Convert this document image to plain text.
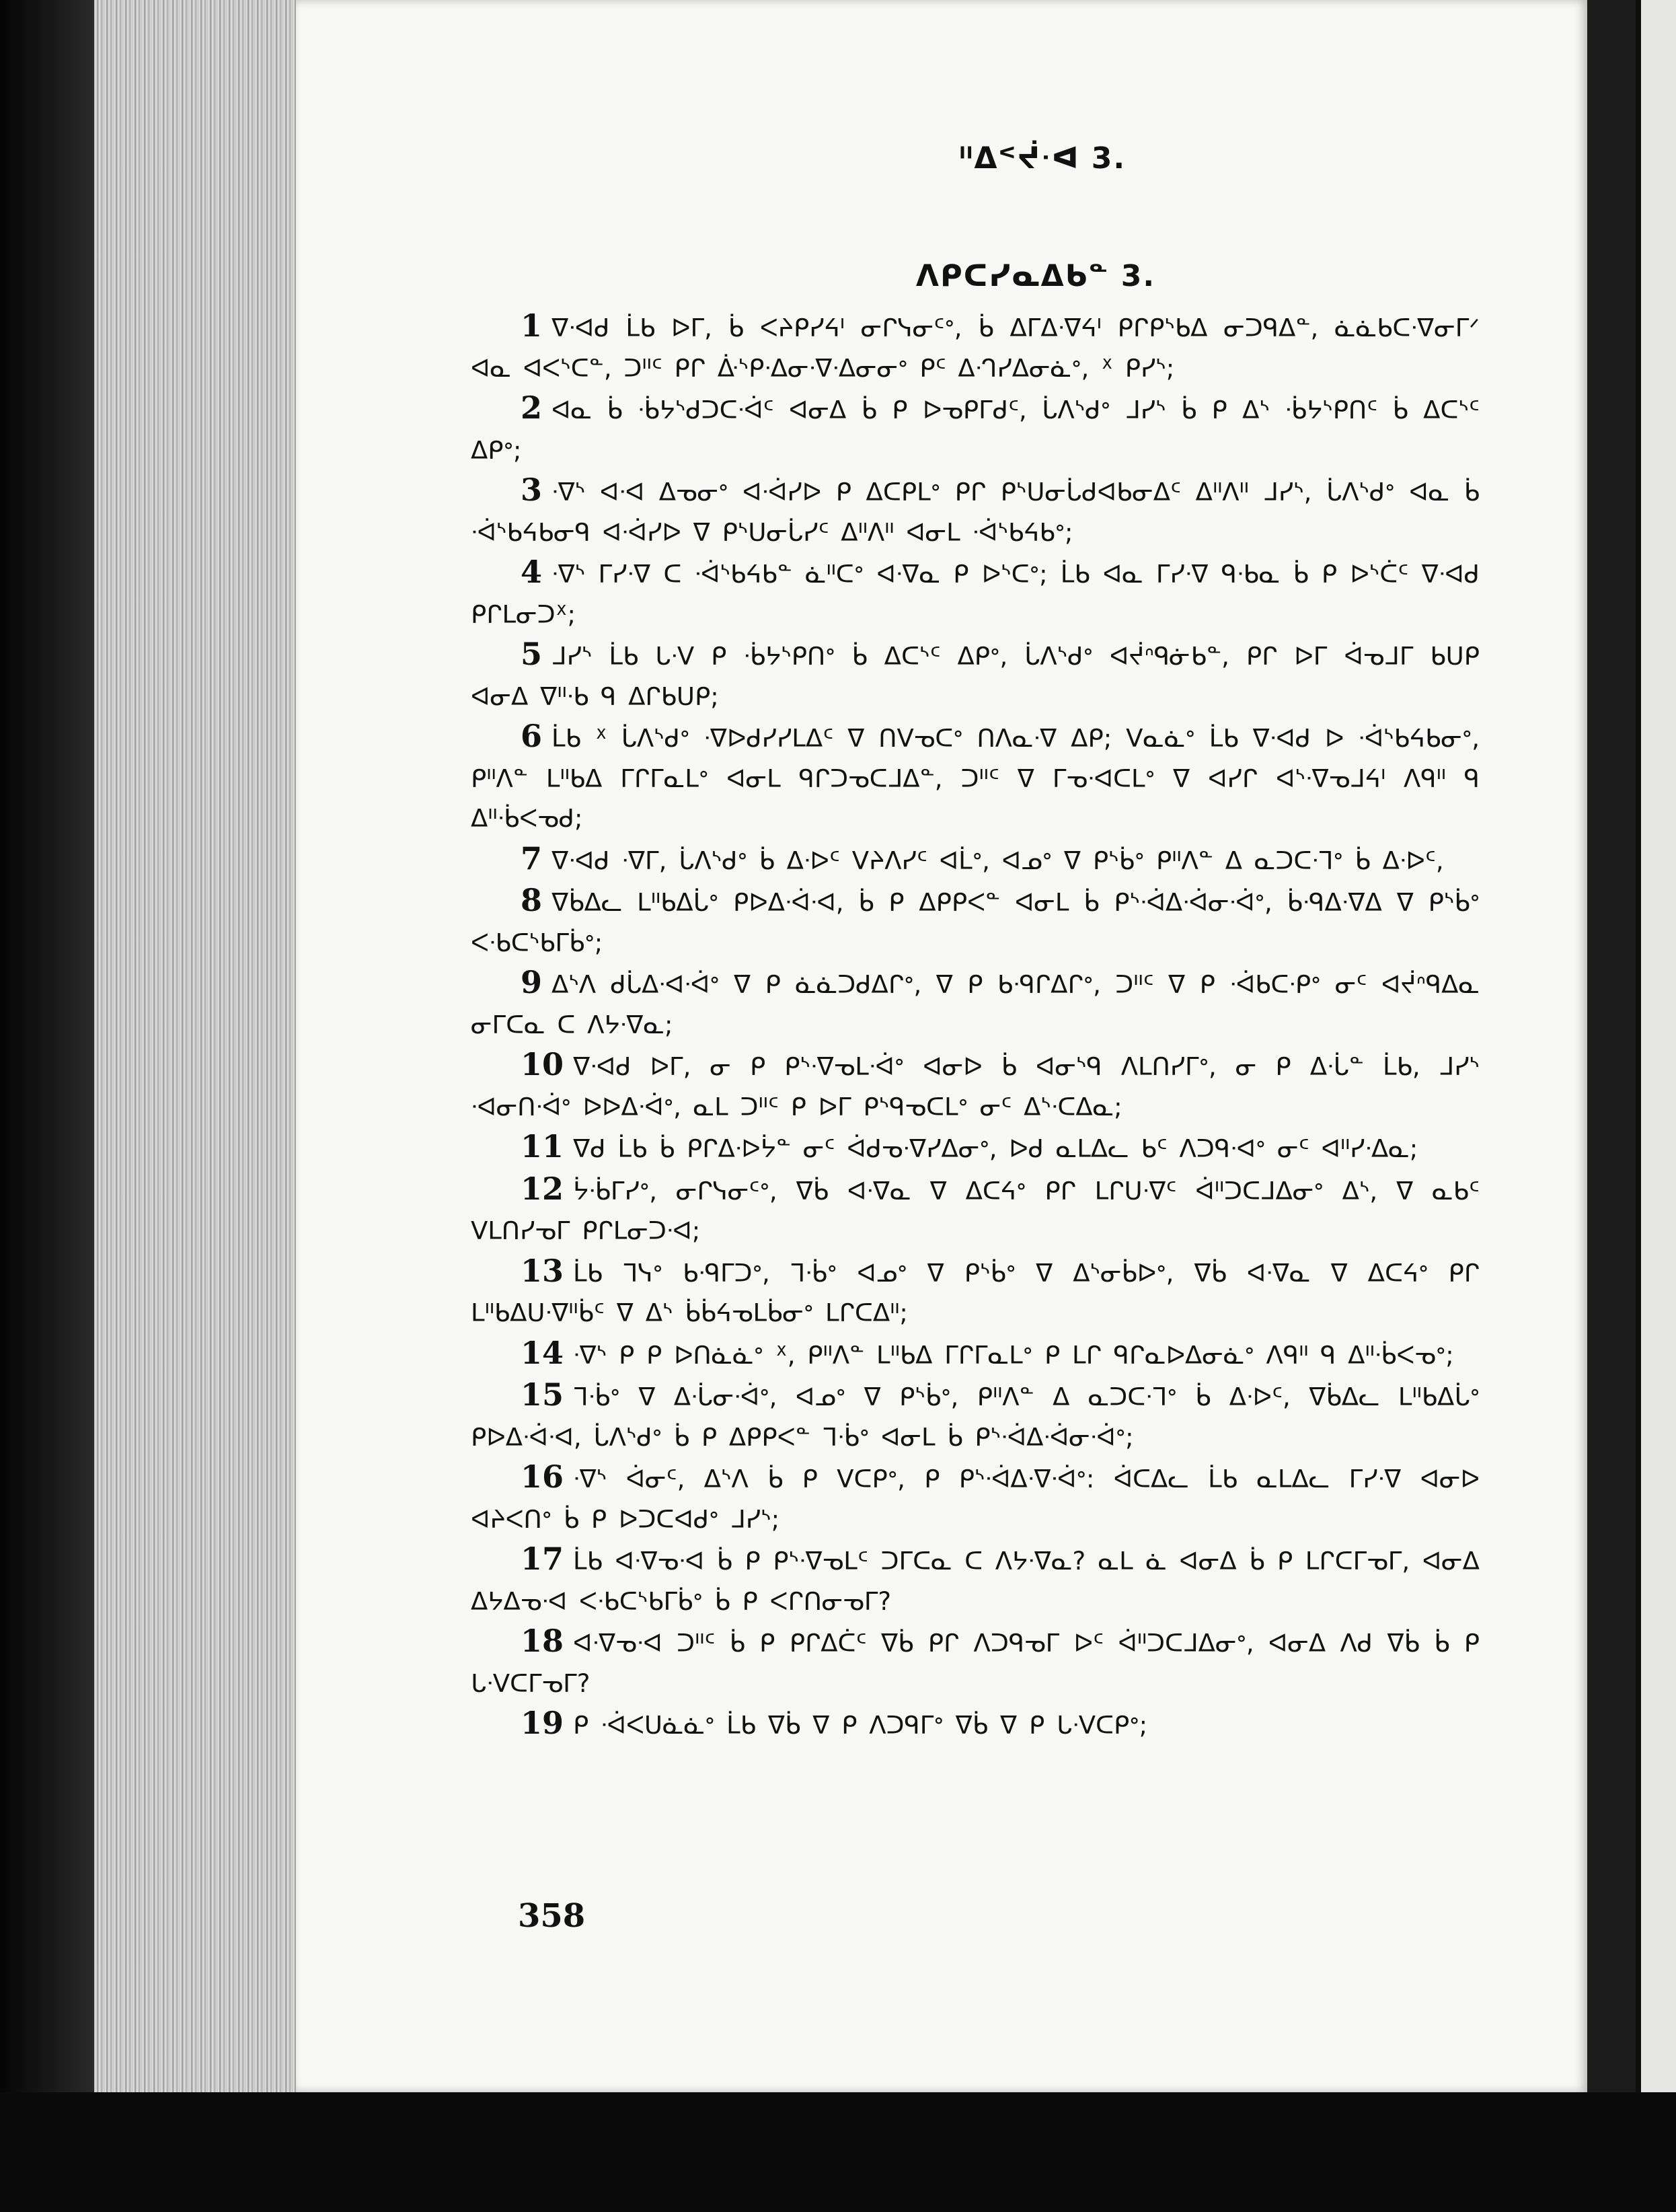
ᐦᐃᑉᔫᐧᐊ 3.
ᐱᑭᑕᓯᓇᐃᑲᓐ 3.

1 ᐁᐧᐊᑯ ᒫᑲ ᐅᒥ, ᑳ ᐸᔨᑭᓯᔦᑊ ᓂᒋᓭᓂᑦᐤ, ᑳ ᐃᒥᐃᐧᐁᔦᑊ ᑭᒋᑭᔅᑲᐃ ᓂᑐᑫᐃᓐ, ᓈᓈᑲᑕᐧᐁᓂᒥᐟ ᐊᓇ ᐊᐸᔅᑕᓐ, ᑐᐦᑦ ᑭᒋ ᐑᔅᑭᐧᐃᓂᐧᐁᐧᐃᓂᓂᐤ ᑭᑦ ᐃᐧᒉᓯᐃᓂᓈᐤ, ᕽ ᑭᓯᔅ;

2 ᐊᓇ ᑳ ᐧᑳᔭᔅᑯᑐᑕᐧᐋᑦ ᐊᓂᐃ ᑳ ᑭ ᐅᓀᑭᒥᑯᑦ, ᒑᐱᔅᑯᐤ ᒧᓯᔅ ᑳ ᑭ ᐃᔅ ᐧᑳᔭᔅᑭᑎᑦ ᑳ ᐃᑕᔅᑦ ᐃᑭᐤ;

3 ᐧᐁᔅ ᐊᐧᐊ ᐃᓀᓂᐤ ᐊᐧᐋᓯᐅ ᑭ ᐃᑕᑭᒪᐤ ᑭᒋ ᑭᔅᑌᓂᒑᑯᐊᑲᓂᐃᑦ ᐃᐦᐱᐦ ᒧᓯᔅ, ᒑᐱᔅᑯᐤ ᐊᓇ ᑳ ᐧᐋᔅᑲᔦᑲᓂᑫ ᐊᐧᐋᓯᐅ ᐁ ᑭᔅᑌᓂᒑᓯᑦ ᐃᐦᐱᐦ ᐊᓂᒪ ᐧᐋᔅᑲᔦᑲᐤ;

4 ᐧᐁᔅ ᒥᓯᐧᐁ ᑕ ᐧᐋᔅᑲᔦᑲᓐ ᓈᐦᑕᐤ ᐊᐧᐁᓇ ᑭ ᐅᔅᑕᐤ; ᒫᑲ ᐊᓇ ᒥᓯᐧᐁ ᑫᐧᑲᓇ ᑳ ᑭ ᐅᔅᑖᑦ ᐁᐧᐊᑯ ᑭᒋᒪᓂᑐᕽ;

5 ᒧᓯᔅ ᒫᑲ ᒐᐧᐯ ᑭ ᐧᑳᔭᔅᑭᑎᐤ ᑳ ᐃᑕᔅᑦ ᐃᑭᐤ, ᒑᐱᔅᑯᐤ ᐊᔫᐢᑫᓃᑲᓐ, ᑭᒋ ᐅᒥ ᐋᓀᒧᒥ ᑲᑌᑭ ᐊᓂᐃ ᐁᐦᐧᑲ ᑫ ᐃᒋᑲᑌᑭ;

6 ᒫᑲ ᕽ ᒑᐱᔅᑯᐤ ᐧᐁᐅᑯᓯᓯᒪᐃᑦ ᐁ ᑎᐯᓀᑕᐤ ᑎᐱᓇᐧᐁ ᐃᑭ; ᐯᓇᓈᐤ ᒫᑲ ᐁᐧᐊᑯ ᐅ ᐧᐋᔅᑲᔦᑲᓂᐤ, ᑭᐦᐱᓐ ᒪᐦᑲᐃ ᒥᒋᒥᓇᒪᐤ ᐊᓂᒪ ᑫᒋᑐᓀᑕᒧᐃᓐ, ᑐᐦᑦ ᐁ ᒥᓀᐧᐊᑕᒪᐤ ᐁ ᐊᓯᒋ ᐊᔅᐧᐁᓀᒧᔦᑊ ᐱᑫᐦ ᑫ ᐃᐦᐧᑳᐸᓀᑯ;

7 ᐁᐧᐊᑯ ᐧᐁᒥ, ᒑᐱᔅᑯᐤ ᑳ ᐃᐧᐅᑦ ᐯᔨᐱᓯᑦ ᐊᒫᐤ, ᐊᓄᐤ ᐁ ᑭᔅᑳᐤ ᑭᐦᐱᓐ ᐃ ᓇᑐᑕᐧᒣᐤ ᑳ ᐃᐧᐅᑦ,

8 ᐁᑳᐃᓚ ᒪᐦᑲᐃᒑᐤ ᑭᐅᐃᐧᐋᐧᐊ, ᑳ ᑭ ᐃᑭᑭᐸᓐ ᐊᓂᒪ ᑳ ᑭᔅᐧᐋᐃᐧᐋᓂᐧᐋᐤ, ᑳᐧᑫᐃᐧᐁᐃ ᐁ ᑭᔅᑳᐤ ᐸᐧᑲᑕᔅᑲᒥᑳᐤ;

9 ᐃᔅᐱ ᑯᒑᐃᐧᐊᐧᐋᐤ ᐁ ᑭ ᓈᓈᑐᑯᐃᒋᐤ, ᐁ ᑭ ᑲᐧᑫᒋᐃᒋᐤ, ᑐᐦᑦ ᐁ ᑭ ᐧᐋᑲᑕᐧᑭᐤ ᓂᑦ ᐊᔫᐢᑫᐃᓇ ᓂᒥᑕᓇ ᑕ ᐱᔭᐧᐁᓇ;

10 ᐁᐧᐊᑯ ᐅᒥ, ᓂ ᑭ ᑭᔅᐧᐁᓀᒪᐧᐋᐤ ᐊᓂᐅ ᑳ ᐊᓂᔅᑫ ᐱᒪᑎᓯᒥᐤ, ᓂ ᑭ ᐃᐧᒑᓐ ᒫᑲ, ᒧᓯᔅ ᐧᐊᓂᑎᐧᐋᐤ ᐅᐅᐃᐧᐋᐤ, ᓇᒪ ᑐᐦᑦ ᑭ ᐅᒥ ᑭᔅᑫᓀᑕᒪᐤ ᓂᑦ ᐃᔅᐧᑕᐃᓇ;

11 ᐁᑯ ᒫᑲ ᑳ ᑭᒋᐃᐧᐅᔮᓐ ᓂᑦ ᐋᑯᓀᐧᐁᓯᐃᓂᐤ, ᐅᑯ ᓇᒪᐃᓚ ᑲᑦ ᐱᑐᑫᐧᐊᐤ ᓂᑦ ᐊᐦᓯᐧᐃᓇ;

12 ᔮᐧᑳᒥᓯᐤ, ᓂᒋᓭᓂᑦᐤ, ᐁᑳ ᐊᐧᐁᓇ ᐁ ᐃᑕᔦᐤ ᑭᒋ ᒪᒋᑌᐧᐁᑦ ᐋᐦᑐᑕᒧᐃᓂᐤ ᐃᔅ, ᐁ ᓇᑲᑦ ᐯᒪᑎᓯᓀᒥ ᑭᒋᒪᓂᑐᐧᐊ;

13 ᒫᑲ ᒣᓭᐤ ᑲᐧᑫᒥᑐᐤ, ᒣᐧᑳᐤ ᐊᓄᐤ ᐁ ᑭᔅᑳᐤ ᐁ ᐃᔅᓂᑳᐅᐤ, ᐁᑳ ᐊᐧᐁᓇ ᐁ ᐃᑕᔦᐤ ᑭᒋ ᒪᐦᑲᐃᑌᐧᐁᐦᑳᑦ ᐁ ᐃᔅ ᑳᑳᔦᓀᒪᑳᓂᐤ ᒪᒋᑕᐃᐦ;

14 ᐧᐁᔅ ᑭ ᑭ ᐅᑎᓈᓈᐤ ᕽ, ᑭᐦᐱᓐ ᒪᐦᑲᐃ ᒥᒋᒥᓇᒪᐤ ᑭ ᒪᒋ ᑫᒋᓇᐅᐃᓂᓈᐤ ᐱᑫᐦ ᑫ ᐃᐦᐧᑳᐸᓀᐤ;

15 ᒣᐧᑳᐤ ᐁ ᐃᐧᒑᓂᐧᐋᐤ, ᐊᓄᐤ ᐁ ᑭᔅᑳᐤ, ᑭᐦᐱᓐ ᐃ ᓇᑐᑕᐧᒣᐤ ᑳ ᐃᐧᐅᑦ, ᐁᑳᐃᓚ ᒪᐦᑲᐃᒑᐤ ᑭᐅᐃᐧᐋᐧᐊ, ᒑᐱᔅᑯᐤ ᑳ ᑭ ᐃᑭᑭᐸᓐ ᒣᐧᑳᐤ ᐊᓂᒪ ᑳ ᑭᔅᐧᐋᐃᐧᐋᓂᐧᐋᐤ;

16 ᐧᐁᔅ ᐋᓂᑦ, ᐃᔅᐱ ᑳ ᑭ ᐯᑕᑭᐤ, ᑭ ᑭᔅᐧᐋᐃᐧᐁᐧᐋᐤ: ᐋᑕᐃᓚ ᒫᑲ ᓇᒪᐃᓚ ᒥᓯᐧᐁ ᐊᓂᐅ ᐊᔨᐸᑎᐤ ᑳ ᑭ ᐅᑐᑕᐊᑯᐤ ᒧᓯᔅ;

17 ᒫᑲ ᐊᐧᐁᓀᐧᐊ ᑳ ᑭ ᑭᔅᐧᐁᓀᒪᑦ ᑐᒥᑕᓇ ᑕ ᐱᔭᐧᐁᓇ? ᓇᒪ ᓈ ᐊᓂᐃ ᑳ ᑭ ᒪᒋᑕᒥᓀᒥ, ᐊᓂᐃ ᐃᔭᐃᓀᐧᐊ ᐸᐧᑲᑕᔅᑲᒥᑳᐤ ᑳ ᑭ ᐸᒋᑎᓂᓀᒥ?

18 ᐊᐧᐁᓀᐧᐊ ᑐᐦᑦ ᑳ ᑭ ᑭᒋᐃᑖᑦ ᐁᑳ ᑭᒋ ᐱᑐᑫᓀᒥ ᐅᑦ ᐋᐦᑐᑕᒧᐃᓂᐤ, ᐊᓂᐃ ᐱᑯ ᐁᑳ ᑳ ᑭ ᒐᐧᐯᑕᒥᓀᒥ?

19 ᑭ ᐧᐋᐸᑌᓈᓈᐤ ᒫᑲ ᐁᑳ ᐁ ᑭ ᐱᑐᑫᒥᐤ ᐁᑳ ᐁ ᑭ ᒐᐧᐯᑕᑭᐤ;

358
